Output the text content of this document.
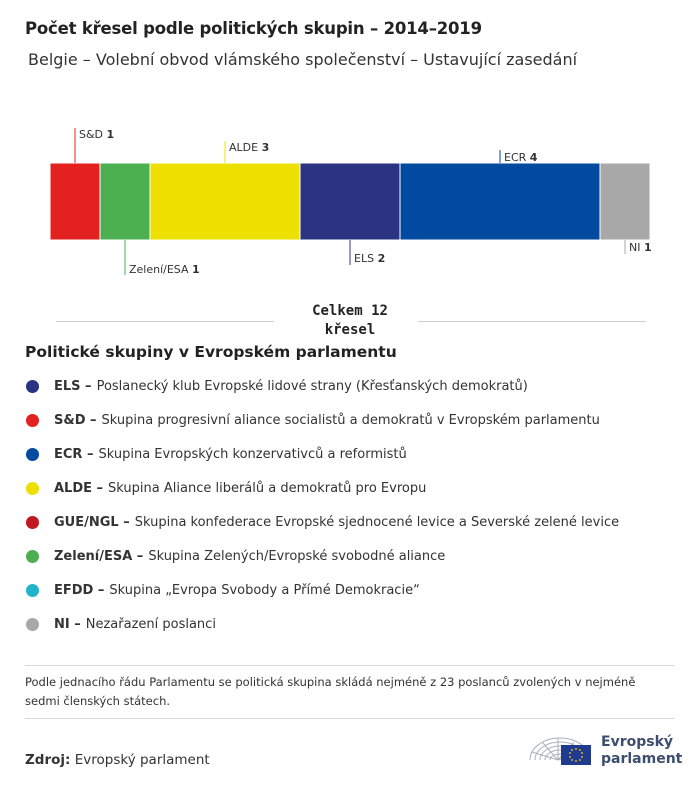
Počet křesel podle politických skupin – 2014–2019
Belgie – Volební obvod vlámského společenství – Ustavující zasedání
S&D 1
Zelení/ESA 1
ALDE 3
ELS 2
ECR 4
NI 1
Celkem 12 křesel
Politické skupiny v Evropském parlamentu
ELS – Poslanecký klub Evropské lidové strany (Křesťanských demokratů)
S&D – Skupina progresivní aliance socialistů a demokratů v Evropském parlamentu
ECR – Skupina Evropských konzervativců a reformistů
ALDE – Skupina Aliance liberálů a demokratů pro Evropu
GUE/NGL – Skupina konfederace Evropské sjednocené levice a Severské zelené levice
Zelení/ESA – Skupina Zelených/Evropské svobodné aliance
EFDD – Skupina „Evropa Svobody a Přímé Demokracie“
NI – Nezařazení poslanci
Podle jednacího řádu Parlamentu se politická skupina skládá nejméně z 23 poslanců zvolených v nejméně sedmi členských státech.
Zdroj: Evropský parlament
Evropský
parlament
